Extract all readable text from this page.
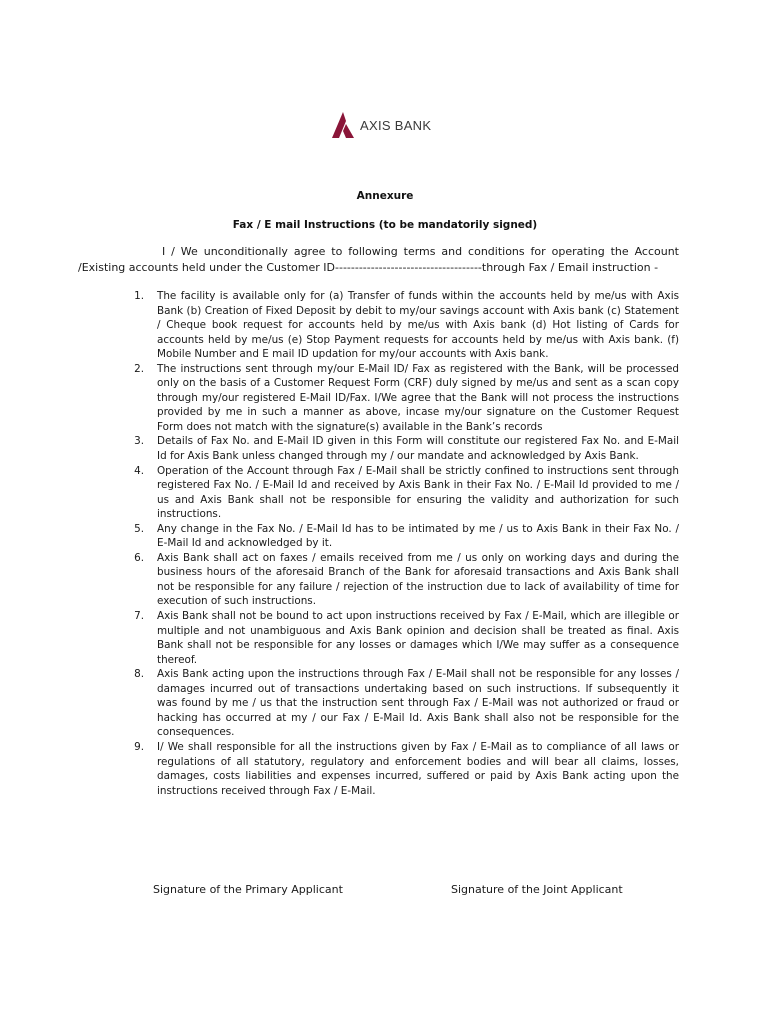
AXIS BANK
Annexure
Fax / E mail Instructions (to be mandatorily signed)
I / We unconditionally agree to following terms and conditions for operating the Account /Existing accounts held under the Customer ID-------------------------------------through Fax / Email instruction -
1. The facility is available only for (a) Transfer of funds within the accounts held by me/us with Axis Bank (b) Creation of Fixed Deposit by debit to my/our savings account with Axis bank (c) Statement / Cheque book request for accounts held by me/us with Axis bank (d) Hot listing of Cards for accounts held by me/us (e) Stop Payment requests for accounts held by me/us with Axis bank. (f) Mobile Number and E mail ID updation for my/our accounts with Axis bank.
2. The instructions sent through my/our E-Mail ID/ Fax as registered with the Bank, will be processed only on the basis of a Customer Request Form (CRF) duly signed by me/us and sent as a scan copy through my/our registered E-Mail ID/Fax. I/We agree that the Bank will not process the instructions provided by me in such a manner as above, incase my/our signature on the Customer Request Form does not match with the signature(s) available in the Bank’s records
3. Details of Fax No. and E-Mail ID given in this Form will constitute our registered Fax No. and E-Mail Id for Axis Bank unless changed through my / our mandate and acknowledged by Axis Bank.
4. Operation of the Account through Fax / E-Mail shall be strictly confined to instructions sent through registered Fax No. / E-Mail Id and received by Axis Bank in their Fax No. / E-Mail Id provided to me / us and Axis Bank shall not be responsible for ensuring the validity and authorization for such instructions.
5. Any change in the Fax No. / E-Mail Id has to be intimated by me / us to Axis Bank in their Fax No. / E-Mail Id and acknowledged by it.
6. Axis Bank shall act on faxes / emails received from me / us only on working days and during the business hours of the aforesaid Branch of the Bank for aforesaid transactions and Axis Bank shall not be responsible for any failure / rejection of the instruction due to lack of availability of time for execution of such instructions.
7. Axis Bank shall not be bound to act upon instructions received by Fax / E-Mail, which are illegible or multiple and not unambiguous and Axis Bank opinion and decision shall be treated as final. Axis Bank shall not be responsible for any losses or damages which I/We may suffer as a consequence thereof.
8. Axis Bank acting upon the instructions through Fax / E-Mail shall not be responsible for any losses / damages incurred out of transactions undertaking based on such instructions. If subsequently it was found by me / us that the instruction sent through Fax / E-Mail was not authorized or fraud or hacking has occurred at my / our Fax / E-Mail Id. Axis Bank shall also not be responsible for the consequences.
9. I/ We shall responsible for all the instructions given by Fax / E-Mail as to compliance of all laws or regulations of all statutory, regulatory and enforcement bodies and will bear all claims, losses, damages, costs liabilities and expenses incurred, suffered or paid by Axis Bank acting upon the instructions received through Fax / E-Mail.
Signature of the Primary Applicant	Signature of the Joint Applicant
